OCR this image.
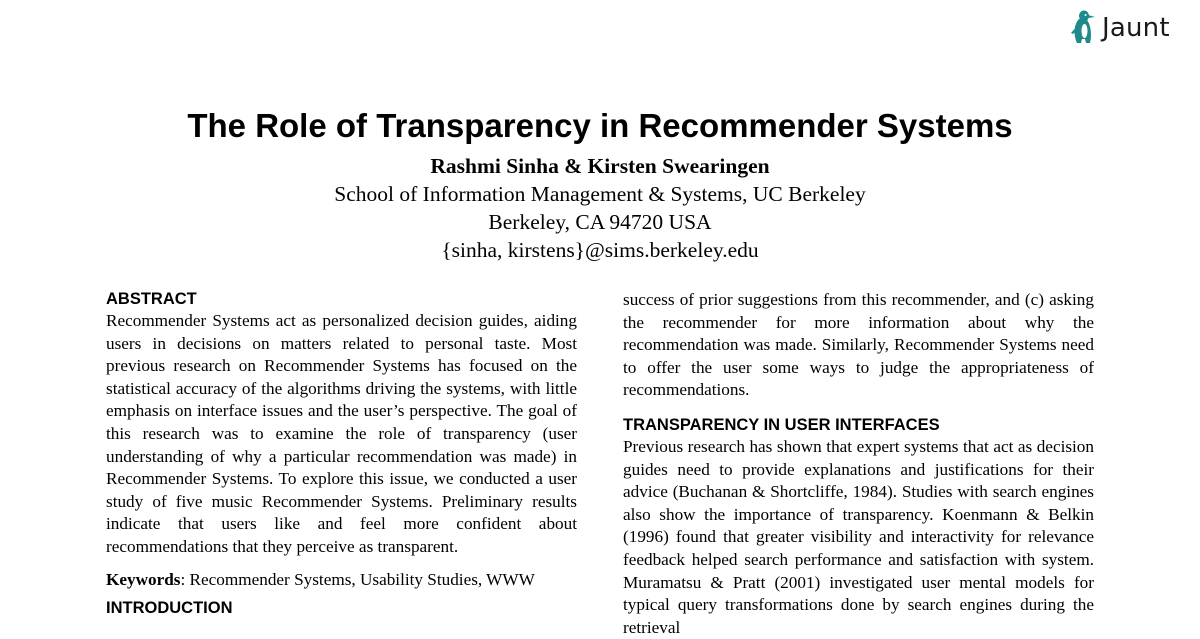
Jaunt
The Role of Transparency in Recommender Systems
Rashmi Sinha & Kirsten Swearingen
School of Information Management & Systems, UC Berkeley
Berkeley, CA 94720 USA
{sinha, kirstens}@sims.berkeley.edu
ABSTRACT

Recommender Systems act as personalized decision guides, aiding users in decisions on matters related to personal taste. Most previous research on Recommender Systems has focused on the statistical accuracy of the algorithms driving the systems, with little emphasis on interface issues and the user’s perspective. The goal of this research was to examine the role of transparency (user understanding of why a particular recommendation was made) in Recommender Systems. To explore this issue, we conducted a user study of five music Recommender Systems. Preliminary results indicate that users like and feel more confident about recommendations that they perceive as transparent.

Keywords: Recommender Systems, Usability Studies, WWW

INTRODUCTION

success of prior suggestions from this recommender, and (c) asking the recommender for more information about why the recommendation was made. Similarly, Recommender Systems need to offer the user some ways to judge the appropriateness of recommendations.

TRANSPARENCY IN USER INTERFACES

Previous research has shown that expert systems that act as decision guides need to provide explanations and justifications for their advice (Buchanan & Shortcliffe, 1984). Studies with search engines also show the importance of transparency. Koenmann & Belkin (1996) found that greater visibility and interactivity for relevance feedback helped search performance and satisfaction with system. Muramatsu & Pratt (2001) investigated user mental models for typical query transformations done by search engines during the retrieval
